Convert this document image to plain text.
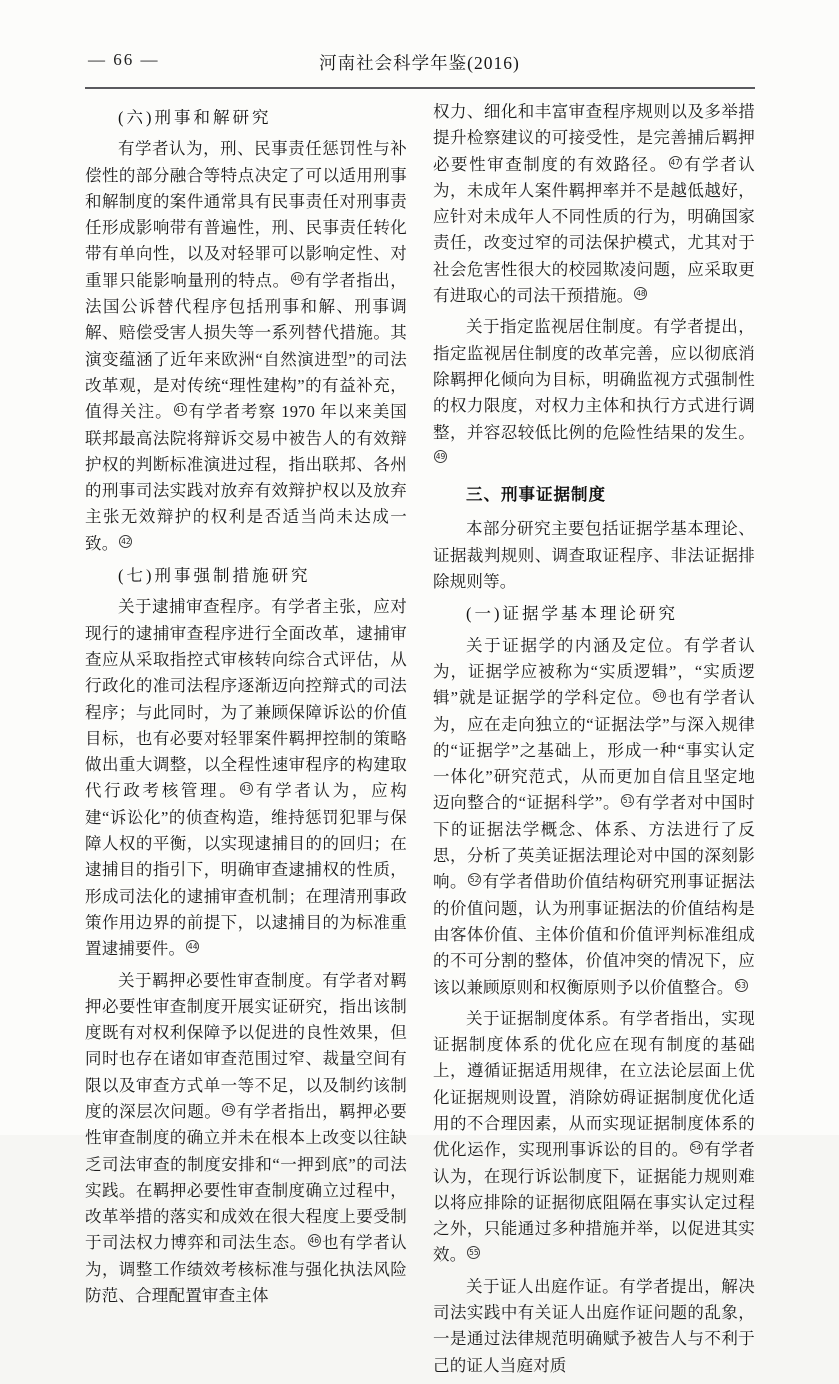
— 66 —	河南社会科学年鉴(2016)
(六)刑事和解研究

有学者认为，刑、民事责任惩罚性与补偿性的部分融合等特点决定了可以适用刑事和解制度的案件通常具有民事责任对刑事责任形成影响带有普遍性，刑、民事责任转化带有单向性，以及对轻罪可以影响定性、对重罪只能影响量刑的特点。 40 有学者指出，法国公诉替代程序包括刑事和解、刑事调解、赔偿受害人损失等一系列替代措施。其演变蕴涵了近年来欧洲“自然演进型”的司法改革观，是对传统“理性建构”的有益补充，值得关注。 41 有学者考察 1970 年以来美国联邦最高法院将辩诉交易中被告人的有效辩护权的判断标准演进过程，指出联邦、各州的刑事司法实践对放弃有效辩护权以及放弃主张无效辩护的权利是否适当尚未达成一致。 42

(七)刑事强制措施研究

关于逮捕审查程序。有学者主张，应对现行的逮捕审查程序进行全面改革，逮捕审查应从采取指控式审核转向综合式评估，从行政化的准司法程序逐渐迈向控辩式的司法程序；与此同时，为了兼顾保障诉讼的价值目标，也有必要对轻罪案件羁押控制的策略做出重大调整，以全程性速审程序的构建取代行政考核管理。 43 有学者认为，应构建“诉讼化”的侦查构造，维持惩罚犯罪与保障人权的平衡，以实现逮捕目的的回归；在逮捕目的指引下，明确审查逮捕权的性质，形成司法化的逮捕审查机制；在理清刑事政策作用边界的前提下，以逮捕目的为标准重置逮捕要件。 44

关于羁押必要性审查制度。有学者对羁押必要性审查制度开展实证研究，指出该制度既有对权利保障予以促进的良性效果，但同时也存在诸如审查范围过窄、裁量空间有限以及审查方式单一等不足，以及制约该制度的深层次问题。 45 有学者指出，羁押必要性审查制度的确立并未在根本上改变以往缺乏司法审查的制度安排和“一押到底”的司法实践。在羁押必要性审查制度确立过程中，改革举措的落实和成效在很大程度上要受制于司法权力博弈和司法生态。 46 也有学者认为，调整工作绩效考核标准与强化执法风险防范、合理配置审查主体

权力、细化和丰富审查程序规则以及多举措提升检察建议的可接受性，是完善捕后羁押必要性审查制度的有效路径。 47 有学者认为，未成年人案件羁押率并不是越低越好，应针对未成年人不同性质的行为，明确国家责任，改变过窄的司法保护模式，尤其对于社会危害性很大的校园欺凌问题，应采取更有进取心的司法干预措施。 48

关于指定监视居住制度。有学者提出，指定监视居住制度的改革完善，应以彻底消除羁押化倾向为目标，明确监视方式强制性的权力限度，对权力主体和执行方式进行调整，并容忍较低比例的危险性结果的发生。49

三、刑事证据制度

本部分研究主要包括证据学基本理论、证据裁判规则、调查取证程序、非法证据排除规则等。

(一)证据学基本理论研究

关于证据学的内涵及定位。有学者认为，证据学应被称为“实质逻辑”，“实质逻辑”就是证据学的学科定位。 50 也有学者认为，应在走向独立的“证据法学”与深入规律的“证据学”之基础上，形成一种“事实认定一体化”研究范式，从而更加自信且坚定地迈向整合的“证据科学”。 51 有学者对中国时下的证据法学概念、体系、方法进行了反思，分析了英美证据法理论对中国的深刻影响。 52 有学者借助价值结构研究刑事证据法的价值问题，认为刑事证据法的价值结构是由客体价值、主体价值和价值评判标准组成的不可分割的整体，价值冲突的情况下，应该以兼顾原则和权衡原则予以价值整合。 53

关于证据制度体系。有学者指出，实现证据制度体系的优化应在现有制度的基础上，遵循证据适用规律，在立法论层面上优化证据规则设置，消除妨碍证据制度优化适用的不合理因素，从而实现证据制度体系的优化运作，实现刑事诉讼的目的。 54 有学者认为，在现行诉讼制度下，证据能力规则难以将应排除的证据彻底阻隔在事实认定过程之外，只能通过多种措施并举，以促进其实效。 55

关于证人出庭作证。有学者提出，解决司法实践中有关证人出庭作证问题的乱象，一是通过法律规范明确赋予被告人与不利于己的证人当庭对质
